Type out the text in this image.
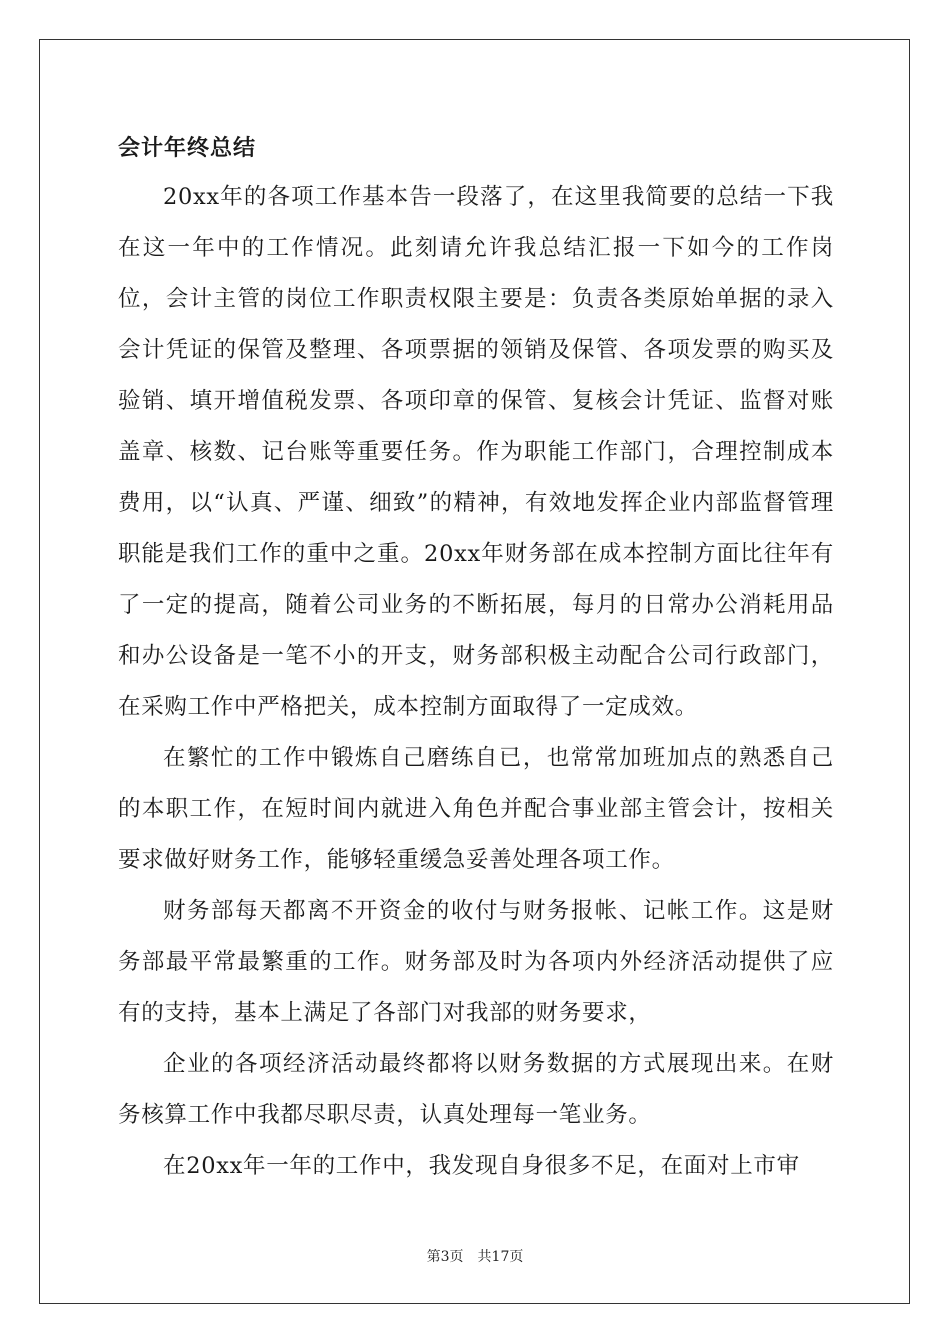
会计年终总结

20xx年的各项工作基本告一段落了，在这里我简要的总结一下我在这一年中的工作情况。此刻请允许我总结汇报一下如今的工作岗位，会计主管的岗位工作职责权限主要是：负责各类原始单据的录入会计凭证的保管及整理、各项票据的领销及保管、各项发票的购买及验销、填开增值税发票、各项印章的保管、复核会计凭证、监督对账盖章、核数、记台账等重要任务。作为职能工作部门，合理控制成本费用，以“认真、严谨、细致”的精神，有效地发挥企业内部监督管理职能是我们工作的重中之重。20xx年财务部在成本控制方面比往年有了一定的提高，随着公司业务的不断拓展，每月的日常办公消耗用品和办公设备是一笔不小的开支，财务部积极主动配合公司行政部门，在采购工作中严格把关，成本控制方面取得了一定成效。

在繁忙的工作中锻炼自己磨练自已，也常常加班加点的熟悉自己的本职工作，在短时间内就进入角色并配合事业部主管会计，按相关要求做好财务工作，能够轻重缓急妥善处理各项工作。

财务部每天都离不开资金的收付与财务报帐、记帐工作。这是财务部最平常最繁重的工作。财务部及时为各项内外经济活动提供了应有的支持，基本上满足了各部门对我部的财务要求，

企业的各项经济活动最终都将以财务数据的方式展现出来。在财务核算工作中我都尽职尽责，认真处理每一笔业务。

在20xx年一年的工作中，我发现自身很多不足，在面对上市审

第3页　共17页
